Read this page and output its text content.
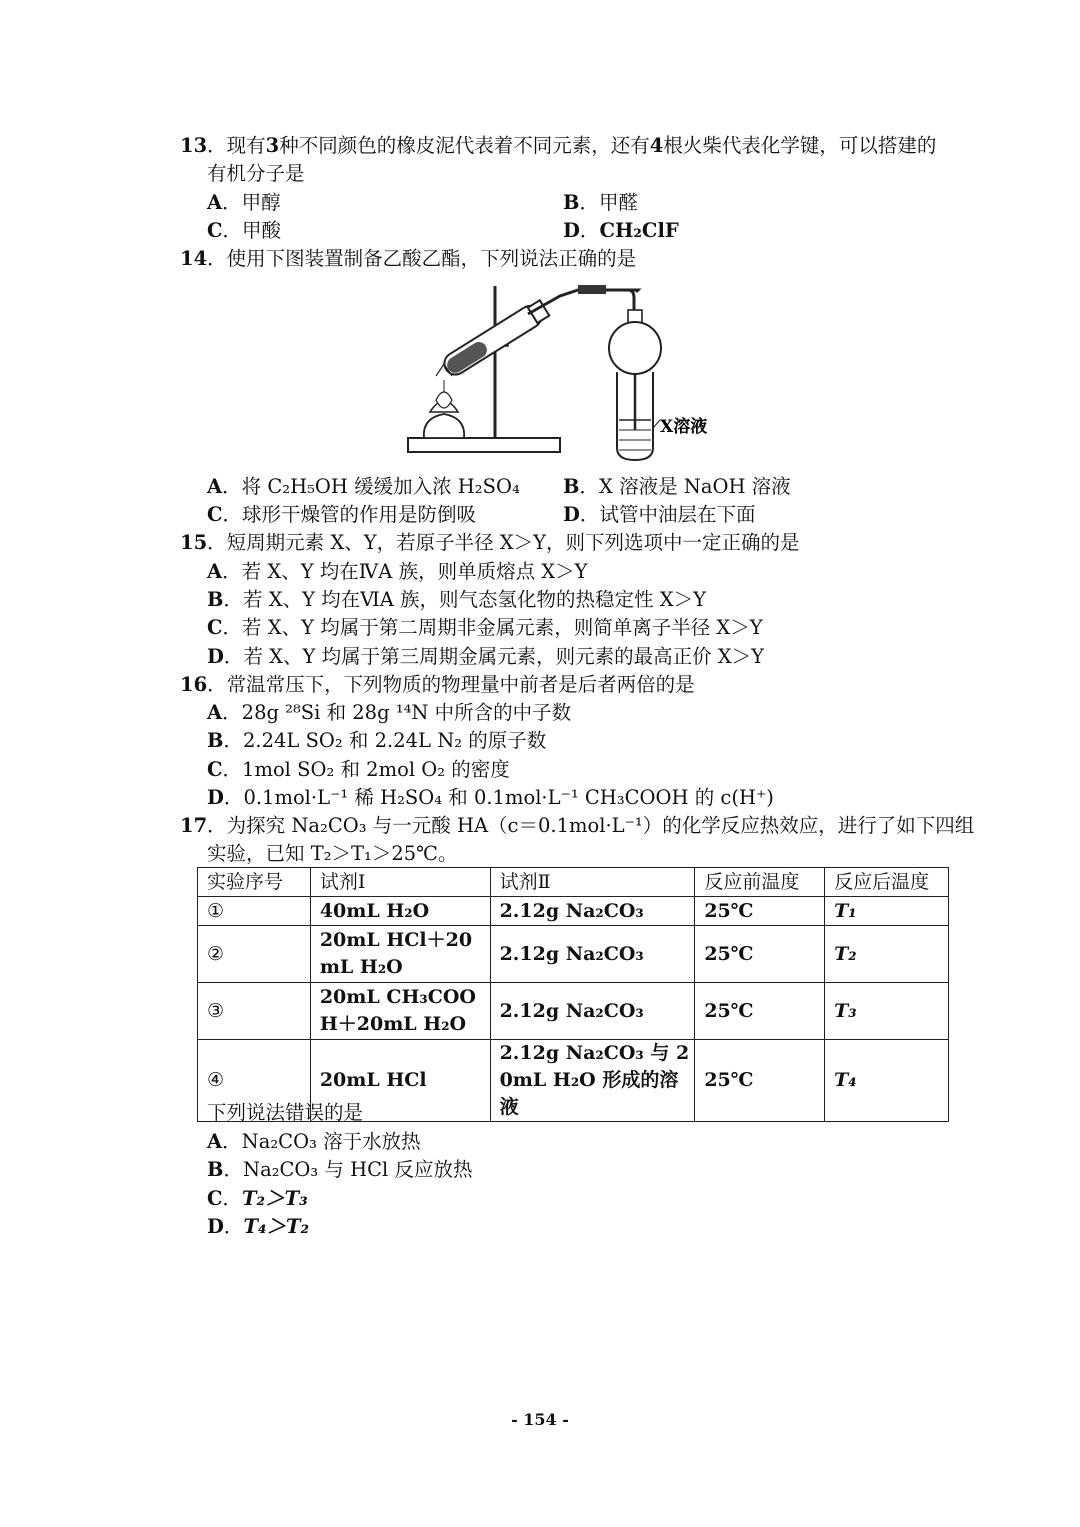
13．现有3种不同颜色的橡皮泥代表着不同元素，还有4根火柴代表化学键，可以搭建的
有机分子是
A．甲醇	B．甲醛
C．甲酸	D．CH₂ClF
14．使用下图装置制备乙酸乙酯，下列说法正确的是
X溶液
A．将 C₂H₅OH 缓缓加入浓 H₂SO₄ B．X 溶液是 NaOH 溶液
C．球形干燥管的作用是防倒吸	D．试管中油层在下面
15．短周期元素 X、Y，若原子半径 X＞Y，则下列选项中一定正确的是
A．若 X、Y 均在ⅣA 族，则单质熔点 X＞Y
B．若 X、Y 均在ⅥA 族，则气态氢化物的热稳定性 X＞Y
C．若 X、Y 均属于第二周期非金属元素，则简单离子半径 X＞Y
D．若 X、Y 均属于第三周期金属元素，则元素的最高正价 X＞Y
16．常温常压下，下列物质的物理量中前者是后者两倍的是
A．28g ²⁸Si 和 28g ¹⁴N 中所含的中子数
B．2.24L SO₂ 和 2.24L N₂ 的原子数
C．1mol SO₂ 和 2mol O₂ 的密度
D．0.1mol·L⁻¹ 稀 H₂SO₄ 和 0.1mol·L⁻¹ CH₃COOH 的 c(H⁺)
17．为探究 Na₂CO₃ 与一元酸 HA（c＝0.1mol·L⁻¹）的化学反应热效应，进行了如下四组
实验，已知 T₂＞T₁＞25℃。
实验序号	试剂Ⅰ	试剂Ⅱ	反应前温度	反应后温度
①	40mL H₂O	2.12g Na₂CO₃	25℃	T₁
②	20mL HCl＋20mL H₂O	2.12g Na₂CO₃	25℃	T₂
③	20mL CH₃COOH＋20mL H₂O	2.12g Na₂CO₃	25℃	T₃
④	20mL HCl	2.12g Na₂CO₃ 与 20mL H₂O 形成的溶液	25℃	T₄
下列说法错误的是
A．Na₂CO₃ 溶于水放热
B．Na₂CO₃ 与 HCl 反应放热
C．T₂＞T₃
D．T₄＞T₂
- 154 -
